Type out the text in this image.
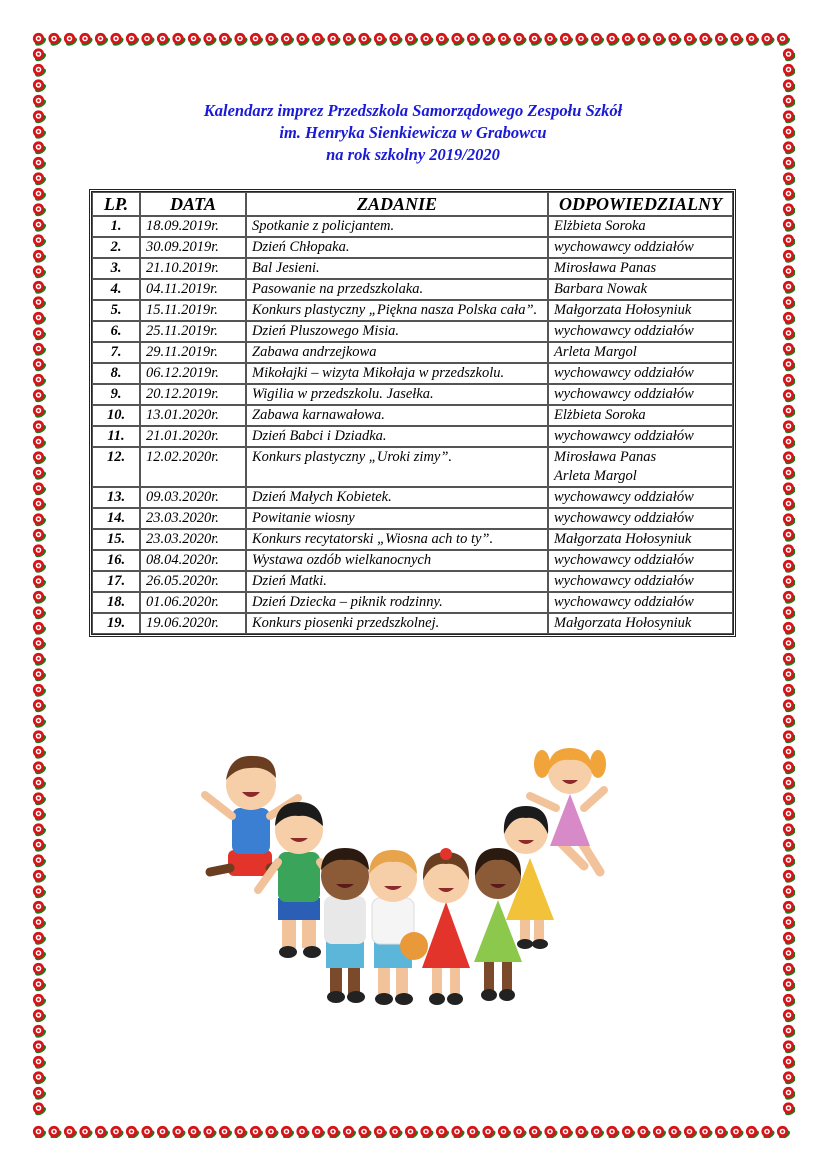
Kalendarz imprez Przedszkola Samorządowego Zespołu Szkół
im. Henryka Sienkiewicza w Grabowcu
na rok szkolny 2019/2020
LP.	DATA	ZADANIE	ODPOWIEDZIALNY
1.	18.09.2019r.	Spotkanie z policjantem.	Elżbieta Soroka

2.	30.09.2019r.	Dzień Chłopaka.	wychowawcy oddziałów

3.	21.10.2019r.	Bal Jesieni.	Mirosława Panas

4.	04.11.2019r.	Pasowanie na przedszkolaka.	Barbara Nowak

5.	15.11.2019r.	Konkurs plastyczny „Piękna nasza Polska cała”.	Małgorzata Hołosyniuk

6.	25.11.2019r.	Dzień Pluszowego Misia.	wychowawcy oddziałów

7.	29.11.2019r.	Zabawa andrzejkowa	Arleta Margol

8.	06.12.2019r.	Mikołajki – wizyta Mikołaja w przedszkolu.	wychowawcy oddziałów

9.	20.12.2019r.	Wigilia w przedszkolu. Jasełka.	wychowawcy oddziałów

10.	13.01.2020r.	Zabawa karnawałowa.	Elżbieta Soroka

11.	21.01.2020r.	Dzień Babci i Dziadka.	wychowawcy oddziałów

12.	12.02.2020r.	Konkurs plastyczny „Uroki zimy”.	Mirosława Panas
Arleta Margol

13.	09.03.2020r.	Dzień Małych Kobietek.	wychowawcy oddziałów

14.	23.03.2020r.	Powitanie wiosny	wychowawcy oddziałów

15.	23.03.2020r.	Konkurs recytatorski „Wiosna ach to ty”.	Małgorzata Hołosyniuk

16.	08.04.2020r.	Wystawa ozdób wielkanocnych	wychowawcy oddziałów

17.	26.05.2020r.	Dzień Matki.	wychowawcy oddziałów

18.	01.06.2020r.	Dzień Dziecka – piknik rodzinny.	wychowawcy oddziałów

19.	19.06.2020r.	Konkurs piosenki przedszkolnej.	Małgorzata Hołosyniuk
